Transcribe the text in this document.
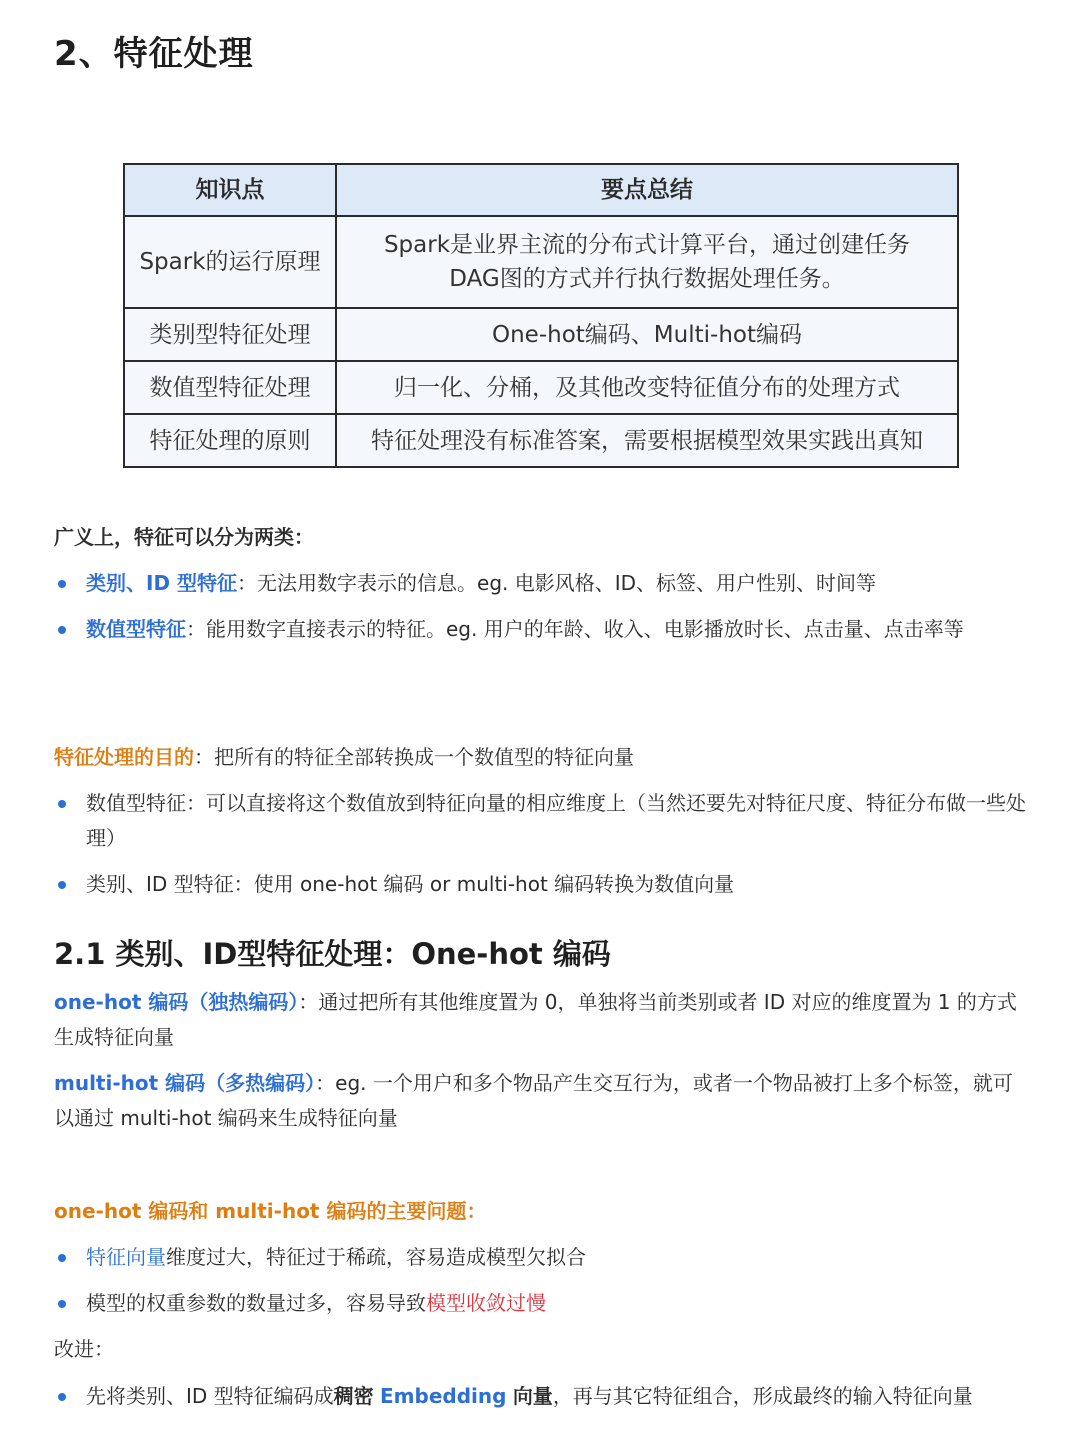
2、特征处理
知识点	要点总结
Spark的运行原理	Spark是业界主流的分布式计算平台，通过创建任务
DAG图的方式并行执行数据处理任务。

类别型特征处理	One-hot编码、Multi-hot编码
数值型特征处理	归一化、分桶，及其他改变特征值分布的处理方式
特征处理的原则	特征处理没有标准答案，需要根据模型效果实践出真知

广义上，特征可以分为两类：

类别、ID 型特征：无法用数字表示的信息。eg. 电影风格、ID、标签、用户性别、时间等
数值型特征：能用数字直接表示的特征。eg. 用户的年龄、收入、电影播放时长、点击量、点击率等

特征处理的目的：把所有的特征全部转换成一个数值型的特征向量

数值型特征：可以直接将这个数值放到特征向量的相应维度上（当然还要先对特征尺度、特征分布做一些处理）
类别、ID 型特征：使用 one-hot 编码 or multi-hot 编码转换为数值向量
2.1 类别、ID型特征处理：One-hot 编码

one-hot 编码（独热编码）：通过把所有其他维度置为 0，单独将当前类别或者 ID 对应的维度置为 1 的方式生成特征向量

multi-hot 编码（多热编码）：eg. 一个用户和多个物品产生交互行为，或者一个物品被打上多个标签，就可以通过 multi-hot 编码来生成特征向量

one-hot 编码和 multi-hot 编码的主要问题：

特征向量维度过大，特征过于稀疏，容易造成模型欠拟合
模型的权重参数的数量过多，容易导致模型收敛过慢

改进：

先将类别、ID 型特征编码成稠密 Embedding 向量，再与其它特征组合，形成最终的输入特征向量
